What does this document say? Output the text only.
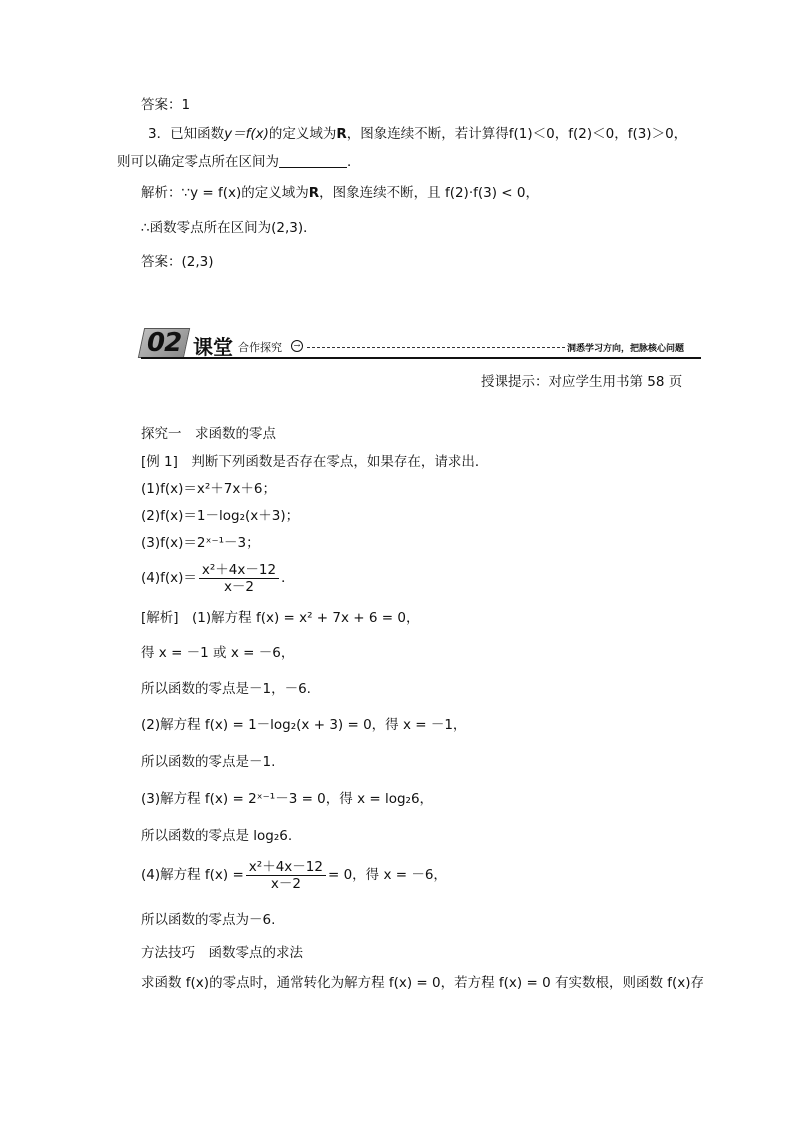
答案：1
3．已知函数y＝f(x)的定义域为R，图象连续不断，若计算得f(1)＜0，f(2)＜0，f(3)＞0，
则可以确定零点所在区间为	．
解析：∵y = f(x)的定义域为R，图象连续不断，且 f(2)·f(3) < 0，
∴函数零点所在区间为(2,3)．
答案：(2,3)
02 课堂 合作探究	→	洞悉学习方向，把脉核心问题
授课提示：对应学生用书第 58 页
探究一　求函数的零点
[例 1]　判断下列函数是否存在零点，如果存在，请求出．
(1)f(x)＝x²＋7x＋6；
(2)f(x)＝1－log₂(x＋3)；
(3)f(x)＝2ˣ⁻¹－3；
$(4)f(x)= \frac{\text{x²＋4x－12}}{x-2}$ ．
[解析]　(1)解方程 f(x) = x² + 7x + 6 = 0，
得 x = －1 或 x = －6，
所以函数的零点是－1，－6.
(2)解方程 f(x) = 1－log₂(x + 3) = 0，得 x = －1，
所以函数的零点是－1.
(3)解方程 f(x) = 2ˣ⁻¹－3 = 0，得 x = log₂6，
所以函数的零点是 log₂6.
(4)解方程 $f(x) = \frac{\text{x²＋4x－12}}{x-2} = 0$，得 x = －6，
所以函数的零点为－6.
方法技巧　函数零点的求法
求函数 f(x)的零点时，通常转化为解方程 f(x) = 0，若方程 f(x) = 0 有实数根，则函数 f(x)存
